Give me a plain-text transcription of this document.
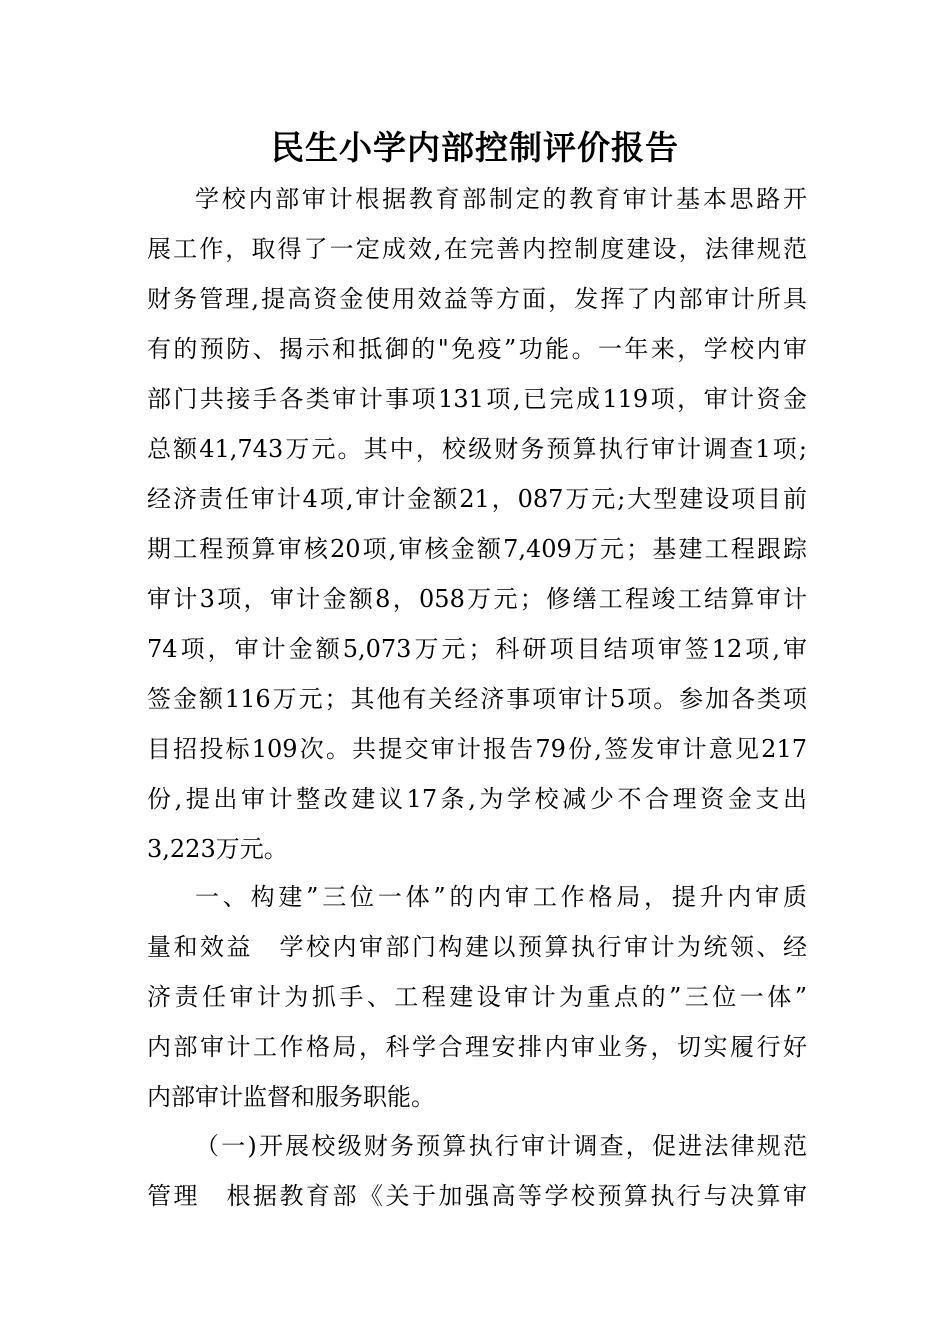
民生小学内部控制评价报告
学校内部审计根据教育部制定的教育审计基本思路开
展工作，取得了一定成效,在完善内控制度建设，法律规范
财务管理,提高资金使用效益等方面，发挥了内部审计所具
有的预防、揭示和抵御的"免疫”功能。一年来，学校内审
部门共接手各类审计事项131项,已完成119项，审计资金
总额41,743万元。其中，校级财务预算执行审计调查1项;
经济责任审计4项,审计金额21，087万元;大型建设项目前
期工程预算审核20项,审核金额7,409万元；基建工程跟踪
审计3项，审计金额8，058万元；修缮工程竣工结算审计
74项，审计金额5,073万元；科研项目结项审签12项,审
签金额116万元；其他有关经济事项审计5项。参加各类项
目招投标109次。共提交审计报告79份,签发审计意见217
份,提出审计整改建议17条,为学校减少不合理资金支出
3,223万元。
一、构建”三位一体”的内审工作格局，提升内审质
量和效益　学校内审部门构建以预算执行审计为统领、经
济责任审计为抓手、工程建设审计为重点的”三位一体”
内部审计工作格局，科学合理安排内审业务，切实履行好
内部审计监督和服务职能。
（一)开展校级财务预算执行审计调查，促进法律规范
管理　根据教育部《关于加强高等学校预算执行与决算审
